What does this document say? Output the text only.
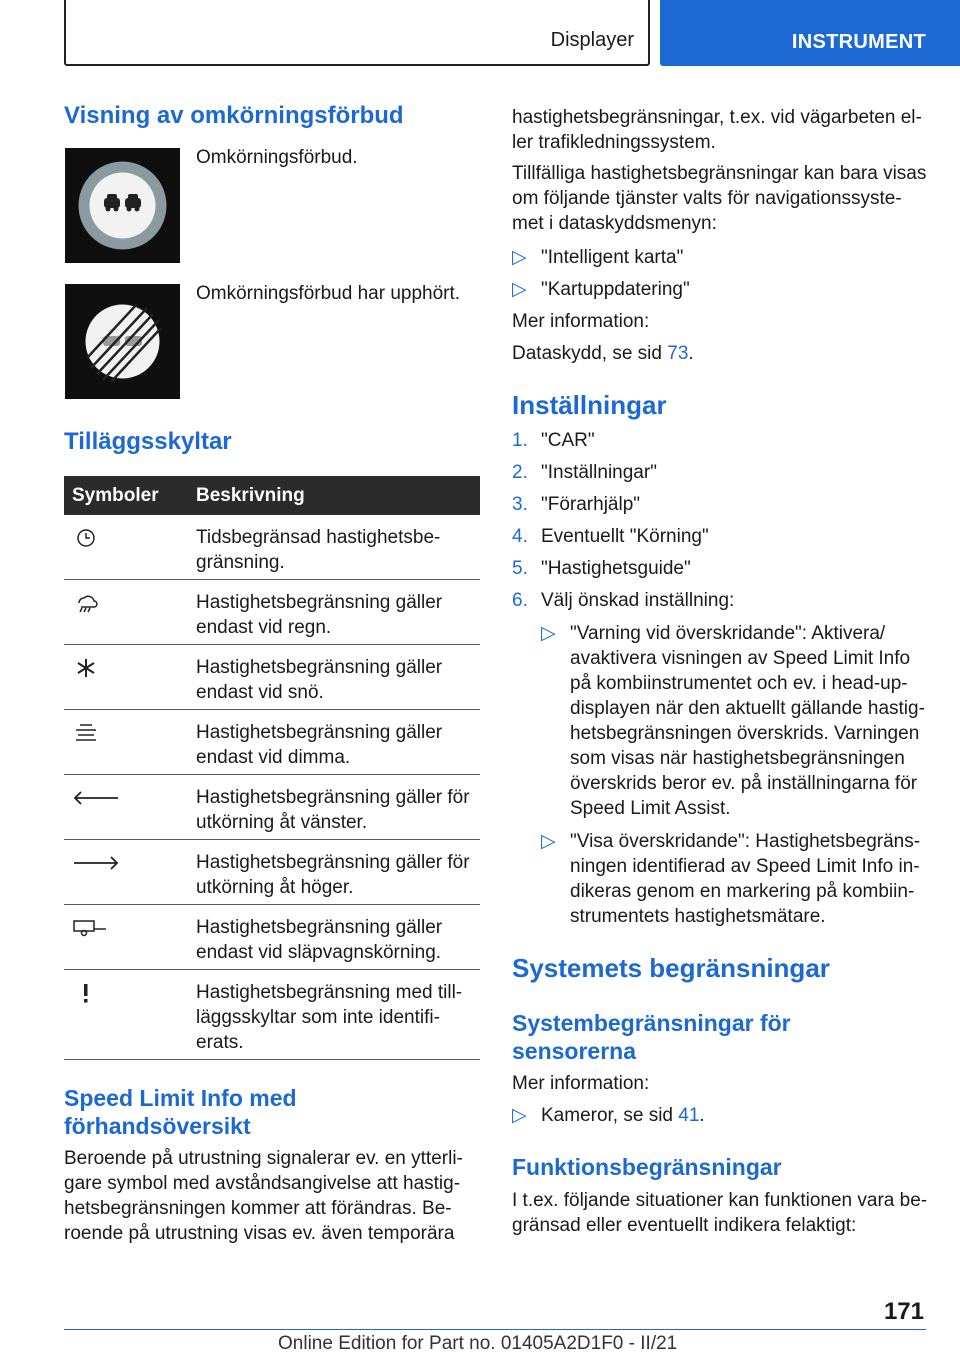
Displayer	INSTRUMENT
Visning av omkörningsförbud
Omkörningsförbud.
Omkörningsförbud har upphört.
Tilläggsskyltar
Symboler Beskrivning
Tidsbegränsad hastighetsbe-
gränsning.
Hastighetsbegränsning gäller
endast vid regn.
Hastighetsbegränsning gäller
endast vid snö.
Hastighetsbegränsning gäller
endast vid dimma.
Hastighetsbegränsning gäller för
utkörning åt vänster.
Hastighetsbegränsning gäller för
utkörning åt höger.
Hastighetsbegränsning gäller
endast vid släpvagnskörning.
Hastighetsbegränsning med till-
läggsskyltar som inte identifi-
erats.
Speed Limit Info med
förhandsöversikt
Beroende på utrustning signalerar ev. en ytterli-
gare symbol med avståndsangivelse att hastig-
hetsbegränsningen kommer att förändras. Be-
roende på utrustning visas ev. även temporära
hastighetsbegränsningar, t.ex. vid vägarbeten el-
ler trafikledningssystem.
Tillfälliga hastighetsbegränsningar kan bara visas
om följande tjänster valts för navigationssyste-
met i dataskyddsmenyn:
▷ "Intelligent karta"
▷ "Kartuppdatering"
Mer information:
Dataskydd, se sid 73.
Inställningar
1. "CAR"
2. "Inställningar"
3. "Förarhjälp"
4. Eventuellt "Körning"
5. "Hastighetsguide"
6. Välj önskad inställning:
▷ "Varning vid överskridande": Aktivera/
avaktivera visningen av Speed Limit Info
på kombiinstrumentet och ev. i head-up-
displayen när den aktuellt gällande hastig-
hetsbegränsningen överskrids. Varningen
som visas när hastighetsbegränsningen
överskrids beror ev. på inställningarna för
Speed Limit Assist.
▷ "Visa överskridande": Hastighetsbegräns-
ningen identifierad av Speed Limit Info in-
dikeras genom en markering på kombiin-
strumentets hastighetsmätare.
Systemets begränsningar
Systembegränsningar för
sensorerna
Mer information:
▷ Kameror, se sid 41.
Funktionsbegränsningar
I t.ex. följande situationer kan funktionen vara be-
gränsad eller eventuellt indikera felaktigt:
171
Online Edition for Part no. 01405A2D1F0 - II/21
